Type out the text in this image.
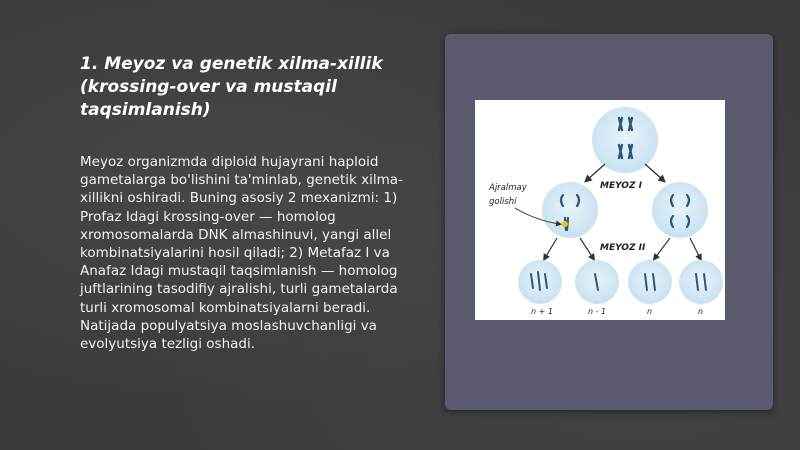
1. Meyoz va genetik xilma-xillik (krossing-over va mustaqil taqsimlanish)

Meyoz organizmda diploid hujayrani haploid gametalarga bo'lishini ta'minlab, genetik xilma-xillikni oshiradi. Buning asosiy 2 mexanizmi: 1) Profaz Idagi krossing-over — homolog xromosomalarda DNK almashinuvi, yangi allel kombinatsiyalarini hosil qiladi; 2) Metafaz I va Anafaz Idagi mustaqil taqsimlanish — homolog juftlarining tasodifiy ajralishi, turli gametalarda turli xromosomal kombinatsiyalarni beradi. Natijada populyatsiya moslashuvchanligi va evolyutsiya tezligi oshadi.

MEYOZ I
Ajralmay
golishi
MEYOZ II
n + 1	n - 1	n	n
